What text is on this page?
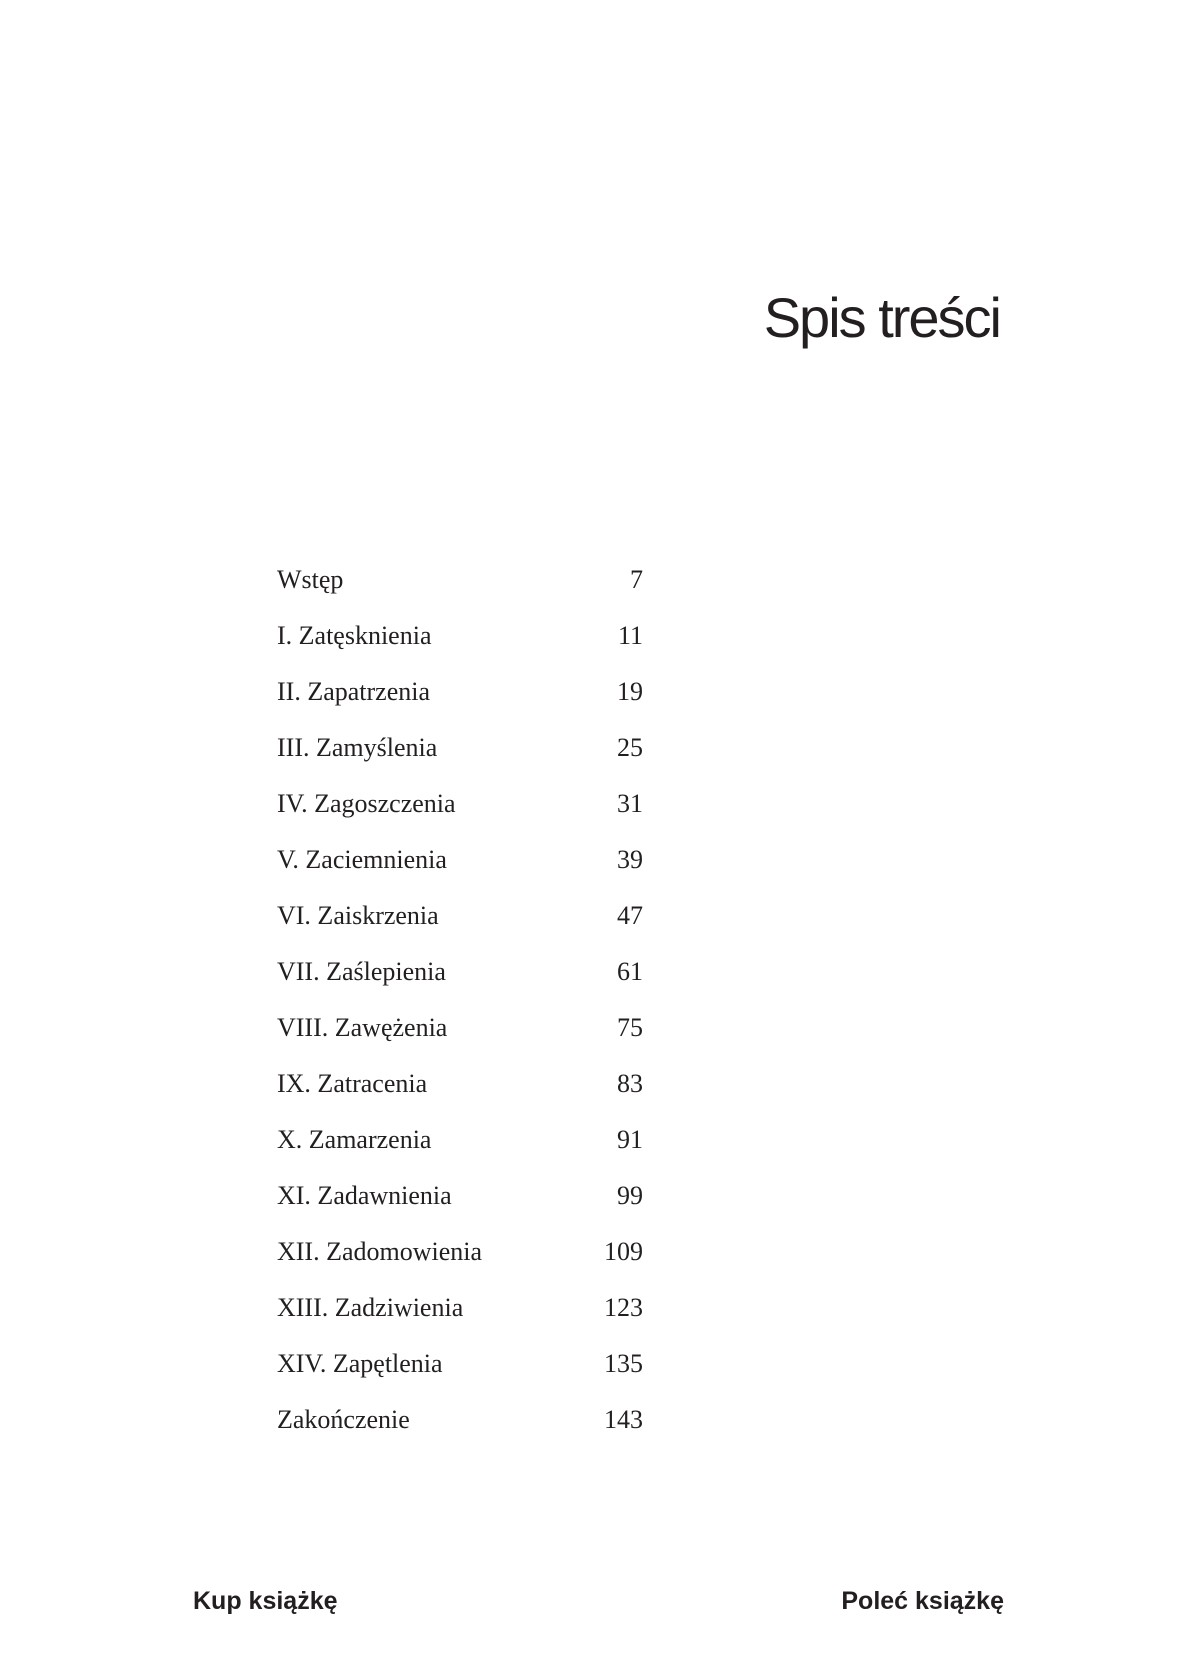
Spis treści
Wstęp	7
I. Zatęsknienia	11
II. Zapatrzenia	19
III. Zamyślenia	25
IV. Zagoszczenia	31
V. Zaciemnienia	39
VI. Zaiskrzenia	47
VII. Zaślepienia	61
VIII. Zawężenia	75
IX. Zatracenia	83
X. Zamarzenia	91
XI. Zadawnienia	99
XII. Zadomowienia	109
XIII. Zadziwienia	123
XIV. Zapętlenia	135
Zakończenie	143
Kup książkę	Poleć książkę
